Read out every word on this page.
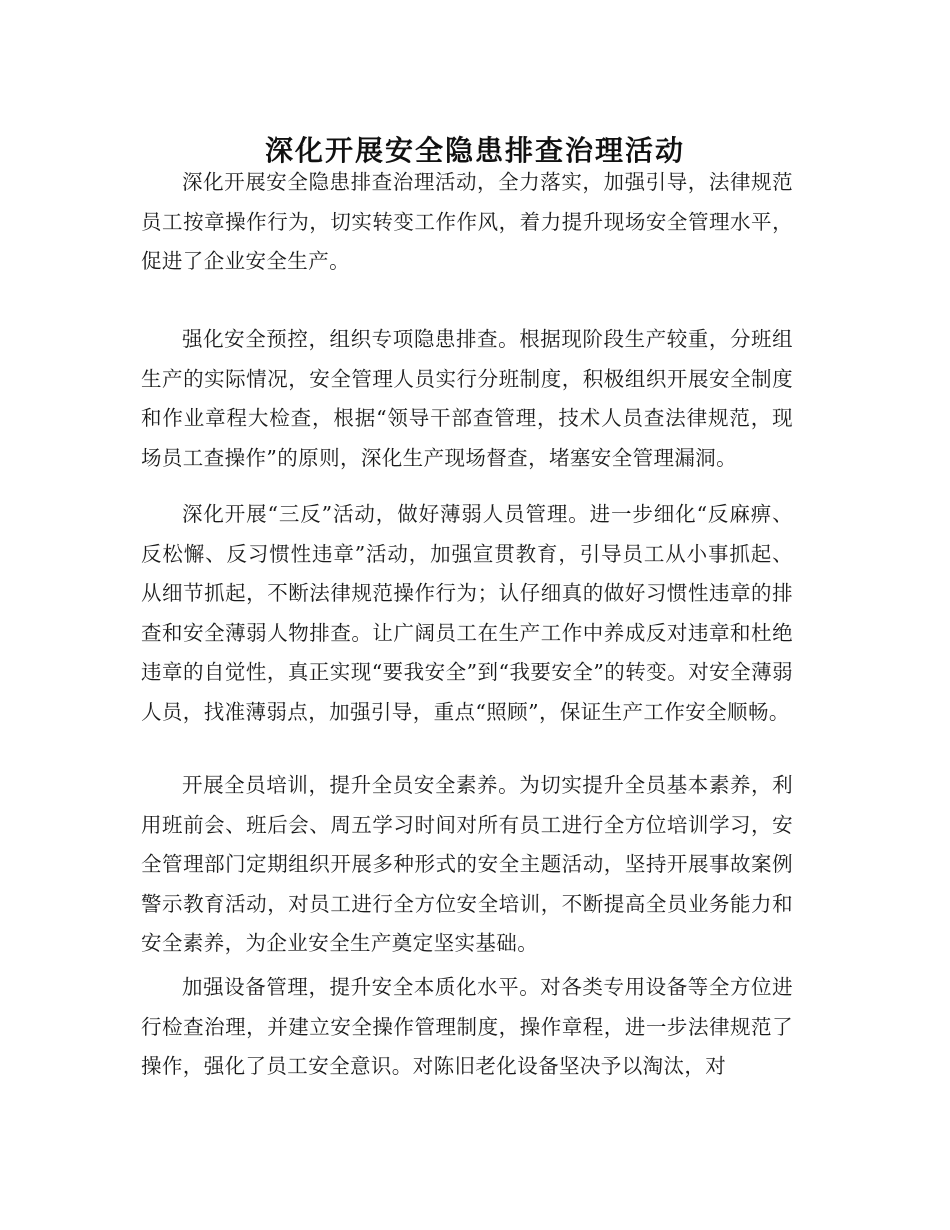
深化开展安全隐患排查治理活动

深化开展安全隐患排查治理活动，全力落实，加强引导，法律规范员工按章操作行为，切实转变工作作风，着力提升现场安全管理水平，促进了企业安全生产。

强化安全预控，组织专项隐患排查。根据现阶段生产较重，分班组生产的实际情况，安全管理人员实行分班制度，积极组织开展安全制度和作业章程大检查，根据“领导干部查管理，技术人员查法律规范，现场员工查操作”的原则，深化生产现场督查，堵塞安全管理漏洞。

深化开展“三反”活动，做好薄弱人员管理。进一步细化“反麻痹、反松懈、反习惯性违章”活动，加强宣贯教育，引导员工从小事抓起、从细节抓起，不断法律规范操作行为；认仔细真的做好习惯性违章的排查和安全薄弱人物排查。让广阔员工在生产工作中养成反对违章和杜绝违章的自觉性，真正实现“要我安全”到“我要安全”的转变。对安全薄弱人员，找准薄弱点，加强引导，重点“照顾”，保证生产工作安全顺畅。

开展全员培训，提升全员安全素养。为切实提升全员基本素养，利用班前会、班后会、周五学习时间对所有员工进行全方位培训学习，安全管理部门定期组织开展多种形式的安全主题活动，坚持开展事故案例警示教育活动，对员工进行全方位安全培训，不断提高全员业务能力和安全素养，为企业安全生产奠定坚实基础。

加强设备管理，提升安全本质化水平。对各类专用设备等全方位进行检查治理，并建立安全操作管理制度，操作章程，进一步法律规范了操作，强化了员工安全意识。对陈旧老化设备坚决予以淘汰，对
